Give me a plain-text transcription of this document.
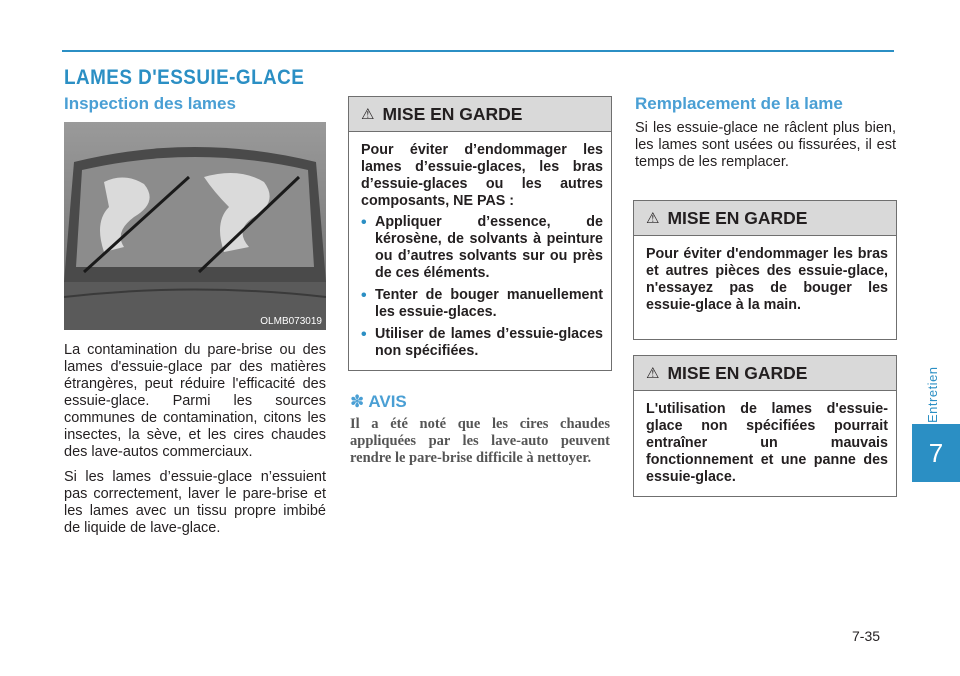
Entretien
7
LAMES D'ESSUIE-GLACE
Inspection des lames
OLMB073019

La contamination du pare-brise ou des lames d'essuie-glace par des matières étrangères, peut réduire l'efficacité des essuie-glace. Parmi les sources communes de contamination, citons les insectes, la sève, et les cires chaudes des lave-autos commerciaux.

Si les lames d’essuie-glace n’essuient pas correctement, laver le pare-brise et les lames avec un tissu propre imbibé de liquide de lave-glace.

⚠ MISE EN GARDE
Pour éviter d’endommager les lames d’essuie-glaces, les bras d’essuie-glaces ou les autres composants, NE PAS :
• Appliquer d’essence, de kérosène, de solvants à peinture ou d’autres solvants sur ou près de ces éléments.
• Tenter de bouger manuellement les essuie-glaces.
• Utiliser de lames d’essuie-glaces non spécifiées.
✽ AVIS

Il a été noté que les cires chaudes appliquées par les lave-auto peuvent rendre le pare-brise difficile à nettoyer.

Remplacement de la lame

Si les essuie-glace ne râclent plus bien, les lames sont usées ou fissurées, il est temps de les remplacer.

⚠ MISE EN GARDE
Pour éviter d'endommager les bras et autres pièces des essuie-glace, n'essayez pas de bouger les essuie-glace à la main.
⚠ MISE EN GARDE
L'utilisation de lames d'essuie-glace non spécifiées pourrait entraîner un mauvais fonctionnement et une panne des essuie-glace.
7-35
